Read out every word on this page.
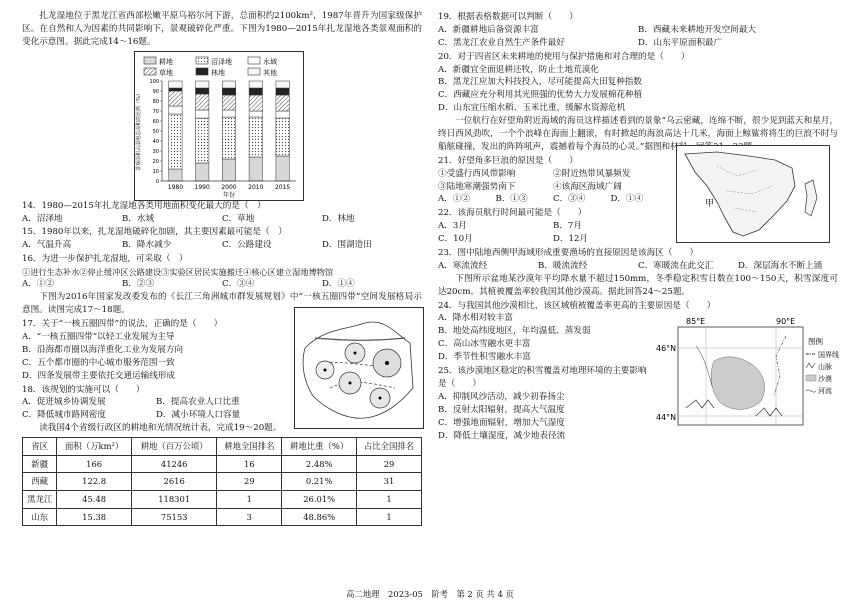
扎龙湿地位于黑龙江省西部松嫩平原乌裕尔河下游，总面积约2100km²，1987年晋升为国家级保护区。在自然和人为因素的共同影响下，景观破碎化严重。下图为1980—2015年扎龙湿地各类景观面积的变化示意图。据此完成14～16题。

耕地	沼泽地	水域
草地	林地	其他
景观面积占湿地总面积的比例（%）
0
10
20
30
40
50
60
70
80
90
100
1980 1990 2000 2010 2015
年份

14．1980—2015年扎龙湿地各类用地面积变化最大的是（　）

A．沼泽地	B．水域	C．草地	D．林地

15．1980年以来，扎龙湿地破碎化加剧，其主要因素最可能是（　）

A．气温升高	B．降水减少	C．公路建设	D．围湖造田

16．为进一步保护扎龙湿地，可采取（　）

①进行生态补水②停止缓冲区公路建设③实验区居民实施搬迁④核心区建立湿地博物馆

A．①②	B．②③	C．③④	D．①④

下图为2016年国家发改委发布的《长江三角洲城市群发展规划》中“一核五圈四带”空间发展格局示意图。读图完成17～18题。

17．关于“一核五圈四带”的说法，正确的是（　　）

A．“一核五圈四带”以轻工业发展为主导
B．沿海都市圈以海洋重化工业为发展方向
C．五个都市圈的中心城市服务范围一致
D．四条发展带主要依托交通运输线形成

18．该规划的实施可以（　　）

A．促进城乡协调发展	B．提高农业人口比重
C．降低城市路网密度	D．减小环境人口容量

读我国4个省级行政区的耕地和光情况统计表，完成19～20题。

省区	面积（万km²）	耕地（百万公顷）	耕地全国排名	耕地比重（%）	占比全国排名
新疆	166	41246	16	2.48%	29
西藏	122.8	2616	29	0.21%	31
黑龙江	45.48	118301	1	26.01%	1
山东	15.38	75153	3	48.86%	1

19．根据表格数据可以判断（　　）

A．新疆耕地后备资源丰富	B．西藏未来耕地开发空间最大
C．黑龙江农业自然生产条件最好	D．山东平原面积最广

20．对于四省区未来耕地的使用与保护措施和对合理的是（　　）

A．新疆宜全面退耕还牧，防止土地荒漠化
B．黑龙江应加大科技投入，尽可能提高大田复种指数
C．西藏应充分利用其光照强的优势大力发展棉花种植
D．山东宜压缩水稻、玉米比重，缓解水资源危机

一位航行在好望角附近海域的海员这样描述看到的景象“乌云密藏，连绵不断，很少见到蓝天和星月，终日西风劲吹，一个个浪峰在海面上翻滚，有时掀起的海浪高达十几米，海面上鲸鲨将将生的巨浪不时与船舷碰撞，发出的阵阵吼声，震撼着每个海员的心灵。”据图和材料，回答21～23题。

21．好望角多巨浪的原因是（　　）

①受盛行西风带影响	②附近热带风暴频发
③陆地寒潮强势南下	④该海区海域广阔
A．①②	B．①③	C．③④	D．①④

22．该海员航行时间最可能是（　　）

A．3月	B．7月
C．10月	D．12月
甲

23．图中陆地西侧甲海域形成重要渔场的直接原因是该海区（　　）

A．寒流流经	B．暖流流经	C．寒暖流在此交汇	D．深层海水不断上涌

下图所示盆地某沙漠年平均降水量不超过150mm，冬季稳定积雪日数在100～150天，积雪深度可达20cm。其植被覆盖率较我国其他沙漠高。据此回答24～25题。

24．与我国其他沙漠相比，该区域植被覆盖率更高的主要原因是（　　）

A．降水相对较丰富
B．地处高纬度地区，年均温低、蒸发弱
C．高山冰雪融水更丰富
D．季节性积雪融水丰富

25．该沙漠地区稳定的积雪覆盖对地理环境的主要影响是（　　）

A．抑制风沙活动，减少初春扬尘
B．反射太阳辐射，提高大气温度
C．增强地面辐射，增加大气湿度
D．降低土壤湿度，减少地表径流
85°E	90°E
46°N
44°N
图例
国界线
山脉
沙漠
河流
高二地理　2023-05　阶考　第 2 页 共 4 页
